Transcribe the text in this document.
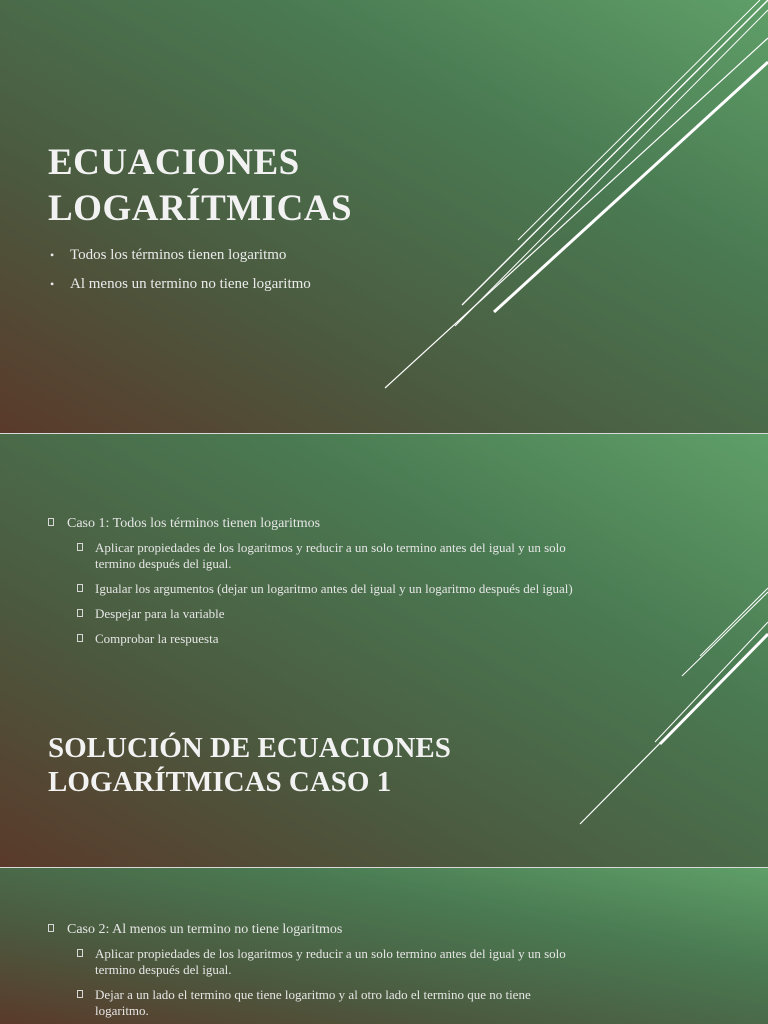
ECUACIONES
LOGARÍTMICAS
• Todos los términos tienen logaritmo
• Al menos un termino no tiene logaritmo
Caso 1: Todos los términos tienen logaritmos
Aplicar propiedades de los logaritmos y reducir a un solo termino antes del igual y un solo termino después del igual.
Igualar los argumentos (dejar un logaritmo antes del igual y un logaritmo después del igual)
Despejar para la variable
Comprobar la respuesta
SOLUCIÓN DE ECUACIONES
LOGARÍTMICAS CASO 1
Caso 2: Al menos un termino no tiene logaritmos
Aplicar propiedades de los logaritmos y reducir a un solo termino antes del igual y un solo termino después del igual.
Dejar a un lado el termino que tiene logaritmo y al otro lado el termino que no tiene logaritmo.
